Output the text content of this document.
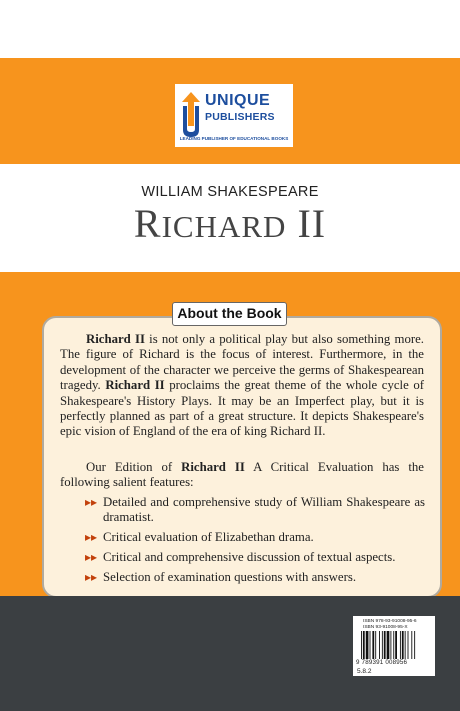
UNIQUE
PUBLISHERS
LEADING PUBLISHER OF EDUCATIONAL BOOKS
WILLIAM SHAKESPEARE
RICHARD II
About the Book
Richard II is not only a political play but also something more. The figure of Richard is the focus of interest. Furthermore, in the development of the character we perceive the germs of Shakespearean tragedy. Richard II proclaims the great theme of the whole cycle of Shakespeare's History Plays. It may be an Imperfect play, but it is perfectly planned as part of a great structure. It depicts Shakespeare's epic vision of England of the era of king Richard II.
Our Edition of Richard II A Critical Evaluation has the following salient features:
▸▸ Detailed and comprehensive study of William Shakespeare as dramatist.
▸▸ Critical evaluation of Elizabethan drama.
▸▸ Critical and comprehensive discussion of textual aspects.
▸▸ Selection of examination questions with answers.
ISBN 978-93-91008-95-6
ISBN 93-91008-95-X
9 789391 008956
5.8.2
